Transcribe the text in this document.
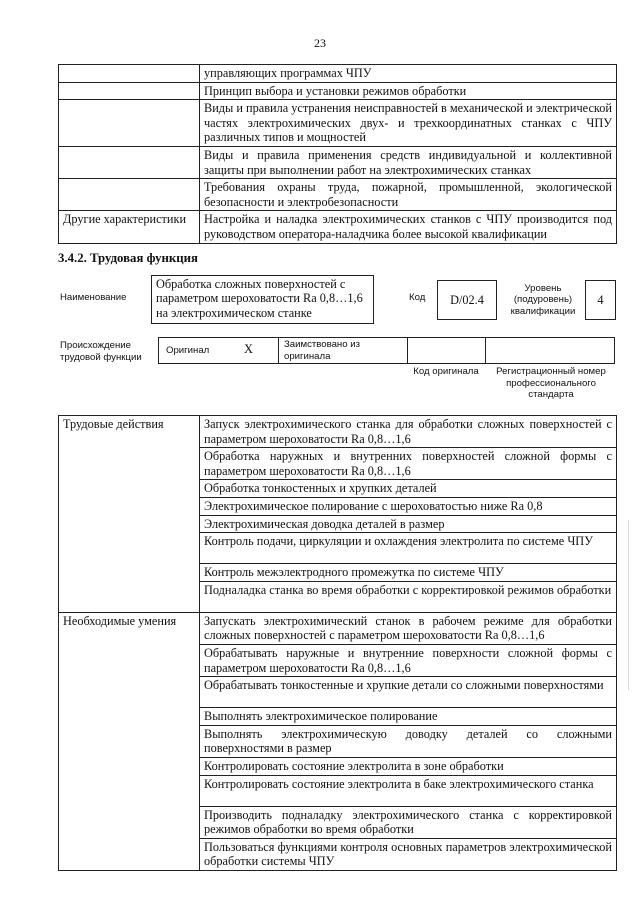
23
	управляющих программах ЧПУ
	Принцип выбора и установки режимов обработки
	Виды и правила устранения неисправностей в механической и электрической частях электрохимических двух- и трехкоординатных станках с ЧПУ различных типов и мощностей
	Виды и правила применения средств индивидуальной и коллективной защиты при выполнении работ на электрохимических станках
	Требования охраны труда, пожарной, промышленной, экологической безопасности и электробезопасности
Другие характеристики	Настройка и наладка электрохимических станков с ЧПУ производится под руководством оператора-наладчика более высокой квалификации
3.4.2. Трудовая функция
Наименование
Обработка сложных поверхностей с параметром шероховатости Ra 0,8…1,6 на электрохимическом станке
Код	D/02.4
Уровень (подуровень) квалификации
4
Происхождение трудовой функции
Оригинал	X	Заимствовано из оригинала
Код оригинала	Регистрационный номер профессионального стандарта
Трудовые действия	Запуск электрохимического станка для обработки сложных поверхностей с параметром шероховатости Ra 0,8…1,6
	Обработка наружных и внутренних поверхностей сложной формы с параметром шероховатости Ra 0,8…1,6
	Обработка тонкостенных и хрупких деталей
	Электрохимическое полирование с шероховатостью ниже Ra 0,8
	Электрохимическая доводка деталей в размер
	Контроль подачи, циркуляции и охлаждения электролита по системе ЧПУ
	Контроль межэлектродного промежутка по системе ЧПУ
	Подналадка станка во время обработки с корректировкой режимов обработки
Необходимые умения	Запускать электрохимический станок в рабочем режиме для обработки сложных поверхностей с параметром шероховатости Ra 0,8…1,6
	Обрабатывать наружные и внутренние поверхности сложной формы с параметром шероховатости Ra 0,8…1,6
	Обрабатывать тонкостенные и хрупкие детали со сложными поверхностями
	Выполнять электрохимическое полирование
	Выполнять электрохимическую доводку деталей со сложными поверхностями в размер
	Контролировать состояние электролита в зоне обработки
	Контролировать состояние электролита в баке электрохимического станка
	Производить подналадку электрохимического станка с корректировкой режимов обработки во время обработки
	Пользоваться функциями контроля основных параметров электрохимической обработки системы ЧПУ
